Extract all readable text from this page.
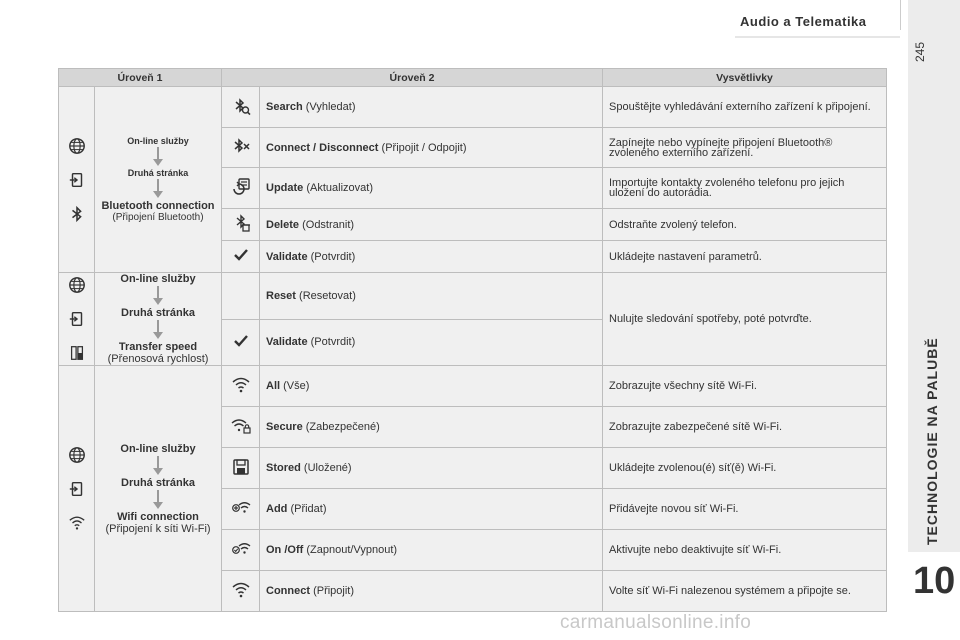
Audio a Telematika
245
TECHNOLOGIE NA PALUBĚ
10
Úroveň 1		Úroveň 2		Vysvětlivky

On-line služby
Druhá stránka
Bluetooth connection
(Připojení Bluetooth)		Search (Vyhledat)	Spouštějte vyhledávání externího zařízení k připojení.
	Connect / Disconnect (Připojit / Odpojit)	Zapínejte nebo vypínejte připojení Bluetooth® zvoleného externího zařízení.
	Update (Aktualizovat)	Importujte kontakty zvoleného telefonu pro jejich uložení do autorádia.
	Delete (Odstranit)	Odstraňte zvolený telefon.
	Validate (Potvrdit)	Ukládejte nastavení parametrů.

On-line služby
Druhá stránka
Transfer speed
(Přenosová rychlost)		Reset (Resetovat)	Nulujte sledování spotřeby, poté potvrďte.
	Validate (Potvrdit)	

On-line služby
Druhá stránka
Wifi connection
(Připojení k síti Wi-Fi)		All (Vše)	Zobrazujte všechny sítě Wi-Fi.
	Secure (Zabezpečené)	Zobrazujte zabezpečené sítě Wi-Fi.
	Stored (Uložené)	Ukládejte zvolenou(é) síť(ě) Wi-Fi.
	Add (Přidat)	Přidávejte novou síť Wi-Fi.
	On /Off (Zapnout/Vypnout)	Aktivujte nebo deaktivujte síť Wi-Fi.
	Connect (Připojit)	Volte síť Wi-Fi nalezenou systémem a připojte se.
carmanualsonline.info
